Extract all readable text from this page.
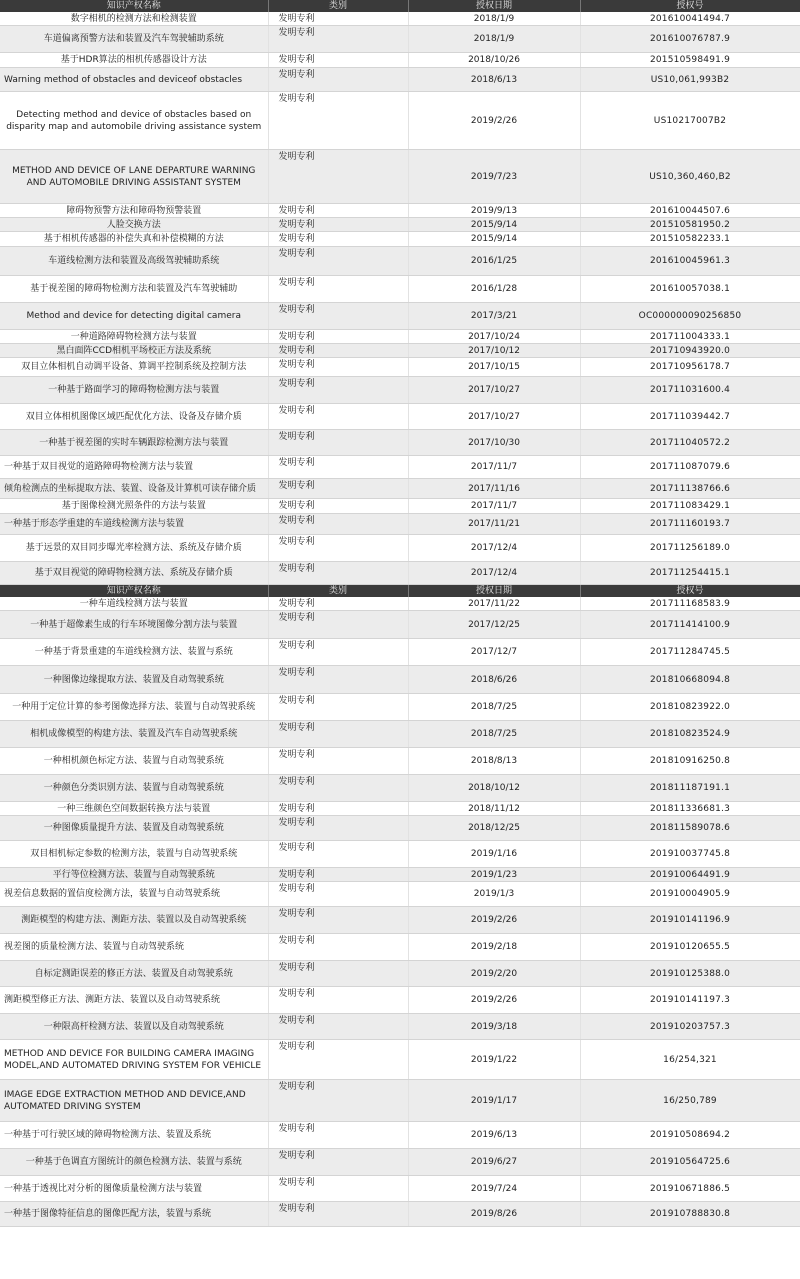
知识产权名称	类别	授权日期	授权号
数字相机的检测方法和检测装置	发明专利	2018/1/9	201610041494.7
车道偏离预警方法和装置及汽车驾驶辅助系统	发明专利	2018/1/9	201610076787.9
基于HDR算法的相机传感器设计方法	发明专利	2018/10/26	201510598491.9
Warning method of obstacles and deviceof obstacles	发明专利	2018/6/13	US10,061,993B2
Detecting method and device of obstacles based on disparity map and automobile driving assistance system	发明专利	2019/2/26	US10217007B2
METHOD AND DEVICE OF LANE DEPARTURE WARNING AND AUTOMOBILE DRIVING ASSISTANT SYSTEM	发明专利	2019/7/23	US10,360,460,B2
障碍物预警方法和障碍物预警装置	发明专利	2019/9/13	201610044507.6
人脸交换方法	发明专利	2015/9/14	201510581950.2
基于相机传感器的补偿失真和补偿模糊的方法	发明专利	2015/9/14	201510582233.1
车道线检测方法和装置及高级驾驶辅助系统	发明专利	2016/1/25	201610045961.3
基于视差图的障碍物检测方法和装置及汽车驾驶辅助	发明专利	2016/1/28	201610057038.1
Method and device for detecting digital camera	发明专利	2017/3/21	OC000000090256850
一种道路障碍物检测方法与装置	发明专利	2017/10/24	201711004333.1
黑白面阵CCD相机平场校正方法及系统	发明专利	2017/10/12	201710943920.0
双目立体相机自动调平设备、算调平控制系统及控制方法	发明专利	2017/10/15	201710956178.7
一种基于路面学习的障碍物检测方法与装置	发明专利	2017/10/27	201711031600.4
双目立体相机图像区域匹配优化方法、设备及存储介质	发明专利	2017/10/27	201711039442.7
一种基于视差图的实时车辆跟踪检测方法与装置	发明专利	2017/10/30	201711040572.2
一种基于双目视觉的道路障碍物检测方法与装置	发明专利	2017/11/7	201711087079.6
倾角检测点的坐标提取方法、装置、设备及计算机可读存储介质	发明专利	2017/11/16	201711138766.6
基于图像检测光照条件的方法与装置	发明专利	2017/11/7	201711083429.1
一种基于形态学重建的车道线检测方法与装置	发明专利	2017/11/21	201711160193.7
基于远景的双目同步曝光率检测方法、系统及存储介质	发明专利	2017/12/4	201711256189.0
基于双目视觉的障碍物检测方法、系统及存储介质	发明专利	2017/12/4	201711254415.1
知识产权名称	类别	授权日期	授权号
一种车道线检测方法与装置	发明专利	2017/11/22	201711168583.9
一种基于超像素生成的行车环境图像分割方法与装置	发明专利	2017/12/25	201711414100.9
一种基于背景重建的车道线检测方法、装置与系统	发明专利	2017/12/7	201711284745.5
一种图像边缘提取方法、装置及自动驾驶系统	发明专利	2018/6/26	201810668094.8
一种用于定位计算的参考图像选择方法、装置与自动驾驶系统	发明专利	2018/7/25	201810823922.0
相机成像模型的构建方法、装置及汽车自动驾驶系统	发明专利	2018/7/25	201810823524.9
一种相机颜色标定方法、装置与自动驾驶系统	发明专利	2018/8/13	201810916250.8
一种颜色分类识别方法、装置与自动驾驶系统	发明专利	2018/10/12	201811187191.1
一种三维颜色空间数据转换方法与装置	发明专利	2018/11/12	201811336681.3
一种图像质量提升方法、装置及自动驾驶系统	发明专利	2018/12/25	201811589078.6
双目相机标定参数的检测方法，装置与自动驾驶系统	发明专利	2019/1/16	201910037745.8
平行等位检测方法、装置与自动驾驶系统	发明专利	2019/1/23	201910064491.9
视差信息数据的置信度检测方法，装置与自动驾驶系统	发明专利	2019/1/3	201910004905.9
测距模型的构建方法、测距方法、装置以及自动驾驶系统	发明专利	2019/2/26	201910141196.9
视差图的质量检测方法、装置与自动驾驶系统	发明专利	2019/2/18	201910120655.5
自标定测距误差的修正方法、装置及自动驾驶系统	发明专利	2019/2/20	201910125388.0
测距模型修正方法、测距方法、装置以及自动驾驶系统	发明专利	2019/2/26	201910141197.3
一种限高杆检测方法、装置以及自动驾驶系统	发明专利	2019/3/18	201910203757.3
METHOD AND DEVICE FOR BUILDING CAMERA IMAGING MODEL,AND AUTOMATED DRIVING SYSTEM FOR VEHICLE	发明专利	2019/1/22	16/254,321
IMAGE EDGE EXTRACTION METHOD AND DEVICE,AND AUTOMATED DRIVING SYSTEM	发明专利	2019/1/17	16/250,789
一种基于可行驶区域的障碍物检测方法、装置及系统	发明专利	2019/6/13	201910508694.2
一种基于色调直方图统计的颜色检测方法、装置与系统	发明专利	2019/6/27	201910564725.6
一种基于透视比对分析的图像质量检测方法与装置	发明专利	2019/7/24	201910671886.5
一种基于图像特征信息的图像匹配方法，装置与系统	发明专利	2019/8/26	201910788830.8
